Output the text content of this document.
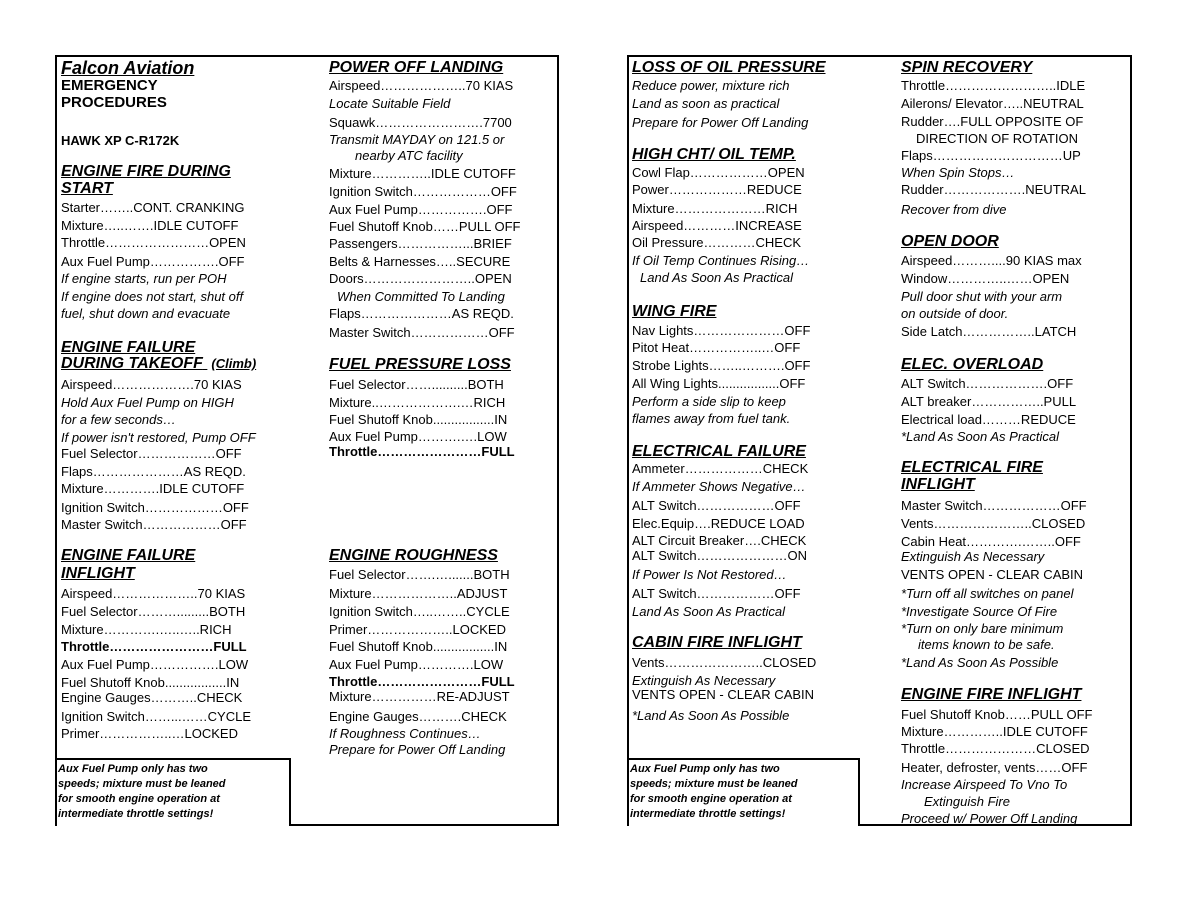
Falcon Aviation
EMERGENCY
PROCEDURES
HAWK XP C-R172K
ENGINE FIRE DURING
START
Starter……..CONT. CRANKING
Mixture…..…….IDLE CUTOFF
Throttle……………………OPEN
Aux Fuel Pump…………….OFF
If engine starts, run per POH
If engine does not start, shut off
fuel, shut down and evacuate
ENGINE FAILURE
DURING TAKEOFF (Climb)
Airspeed……………….70 KIAS
Hold Aux Fuel Pump on HIGH
for a few seconds…
If power isn't restored, Pump OFF
Fuel Selector………………OFF
Flaps…………………AS REQD.
Mixture………….IDLE CUTOFF
Ignition Switch………………OFF
Master Switch………………OFF
ENGINE FAILURE
INFLIGHT
Airspeed………………..70 KIAS
Fuel Selector……….........BOTH
Mixture………….…..…..RICH
Throttle……………………FULL
Aux Fuel Pump…………….LOW
Fuel Shutoff Knob.................IN
Engine Gauges………..CHECK
Ignition Switch……...……CYCLE
Primer……………..…LOCKED
Aux Fuel Pump only has two
speeds; mixture must be leaned
for smooth engine operation at
intermediate throttle settings!
POWER OFF LANDING
Airspeed………………..70 KIAS
Locate Suitable Field
Squawk…………………….7700
Transmit MAYDAY on 121.5 or
nearby ATC facility
Mixture…………..IDLE CUTOFF
Ignition Switch………………OFF
Aux Fuel Pump…………….OFF
Fuel Shutoff Knob……PULL OFF
Passengers……………...BRIEF
Belts & Harnesses…..SECURE
Doors……………………..OPEN
When Committed To Landing
Flaps…………………AS REQD.
Master Switch………………OFF
FUEL PRESSURE LOSS
Fuel Selector……..........BOTH
Mixture..……………….…RICH
Fuel Shutoff Knob.................IN
Aux Fuel Pump……….….LOW
Throttle……………………FULL
ENGINE ROUGHNESS
Fuel Selector…….….......BOTH
Mixture………………..ADJUST
Ignition Switch…..……..CYCLE
Primer………………..LOCKED
Fuel Shutoff Knob.................IN
Aux Fuel Pump………….LOW
Throttle……………………FULL
Mixture……………RE-ADJUST
Engine Gauges……….CHECK
If Roughness Continues…
Prepare for Power Off Landing
LOSS OF OIL PRESSURE
Reduce power, mixture rich
Land as soon as practical
Prepare for Power Off Landing
HIGH CHT/ OIL TEMP.
Cowl Flap………………OPEN
Power………………REDUCE
Mixture…………………RICH
Airspeed…………INCREASE
Oil Pressure…………CHECK
If Oil Temp Continues Rising…
Land As Soon As Practical
WING FIRE
Nav Lights…………………OFF
Pitot Heat……………..…OFF
Strobe Lights……..……….OFF
All Wing Lights.................OFF
Perform a side slip to keep
flames away from fuel tank.
ELECTRICAL FAILURE
Ammeter………………CHECK
If Ammeter Shows Negative…
ALT Switch………………OFF
Elec.Equip….REDUCE LOAD
ALT Circuit Breaker….CHECK
ALT Switch…………………ON
If Power Is Not Restored…
ALT Switch………………OFF
Land As Soon As Practical
CABIN FIRE INFLIGHT
Vents…………………..CLOSED
Extinguish As Necessary
VENTS OPEN - CLEAR CABIN
*Land As Soon As Possible
Aux Fuel Pump only has two
speeds; mixture must be leaned
for smooth engine operation at
intermediate throttle settings!
SPIN RECOVERY
Throttle……………………..IDLE
Ailerons/ Elevator…..NEUTRAL
Rudder….FULL OPPOSITE OF
DIRECTION OF ROTATION
Flaps…………………………UP
When Spin Stops…
Rudder……………….NEUTRAL
Recover from dive
OPEN DOOR
Airspeed………....90 KIAS max
Window…………..……OPEN
Pull door shut with your arm
on outside of door.
Side Latch……………..LATCH
ELEC. OVERLOAD
ALT Switch……………….OFF
ALT breaker……………..PULL
Electrical load………REDUCE
*Land As Soon As Practical
ELECTRICAL FIRE
INFLIGHT
Master Switch………………OFF
Vents…………………..CLOSED
Cabin Heat………….……..OFF
Extinguish As Necessary
VENTS OPEN - CLEAR CABIN
*Turn off all switches on panel
*Investigate Source Of Fire
*Turn on only bare minimum
items known to be safe.
*Land As Soon As Possible
ENGINE FIRE INFLIGHT
Fuel Shutoff Knob……PULL OFF
Mixture…………..IDLE CUTOFF
Throttle…………………CLOSED
Heater, defroster, vents……OFF
Increase Airspeed To Vno To
Extinguish Fire
Proceed w/ Power Off Landing
